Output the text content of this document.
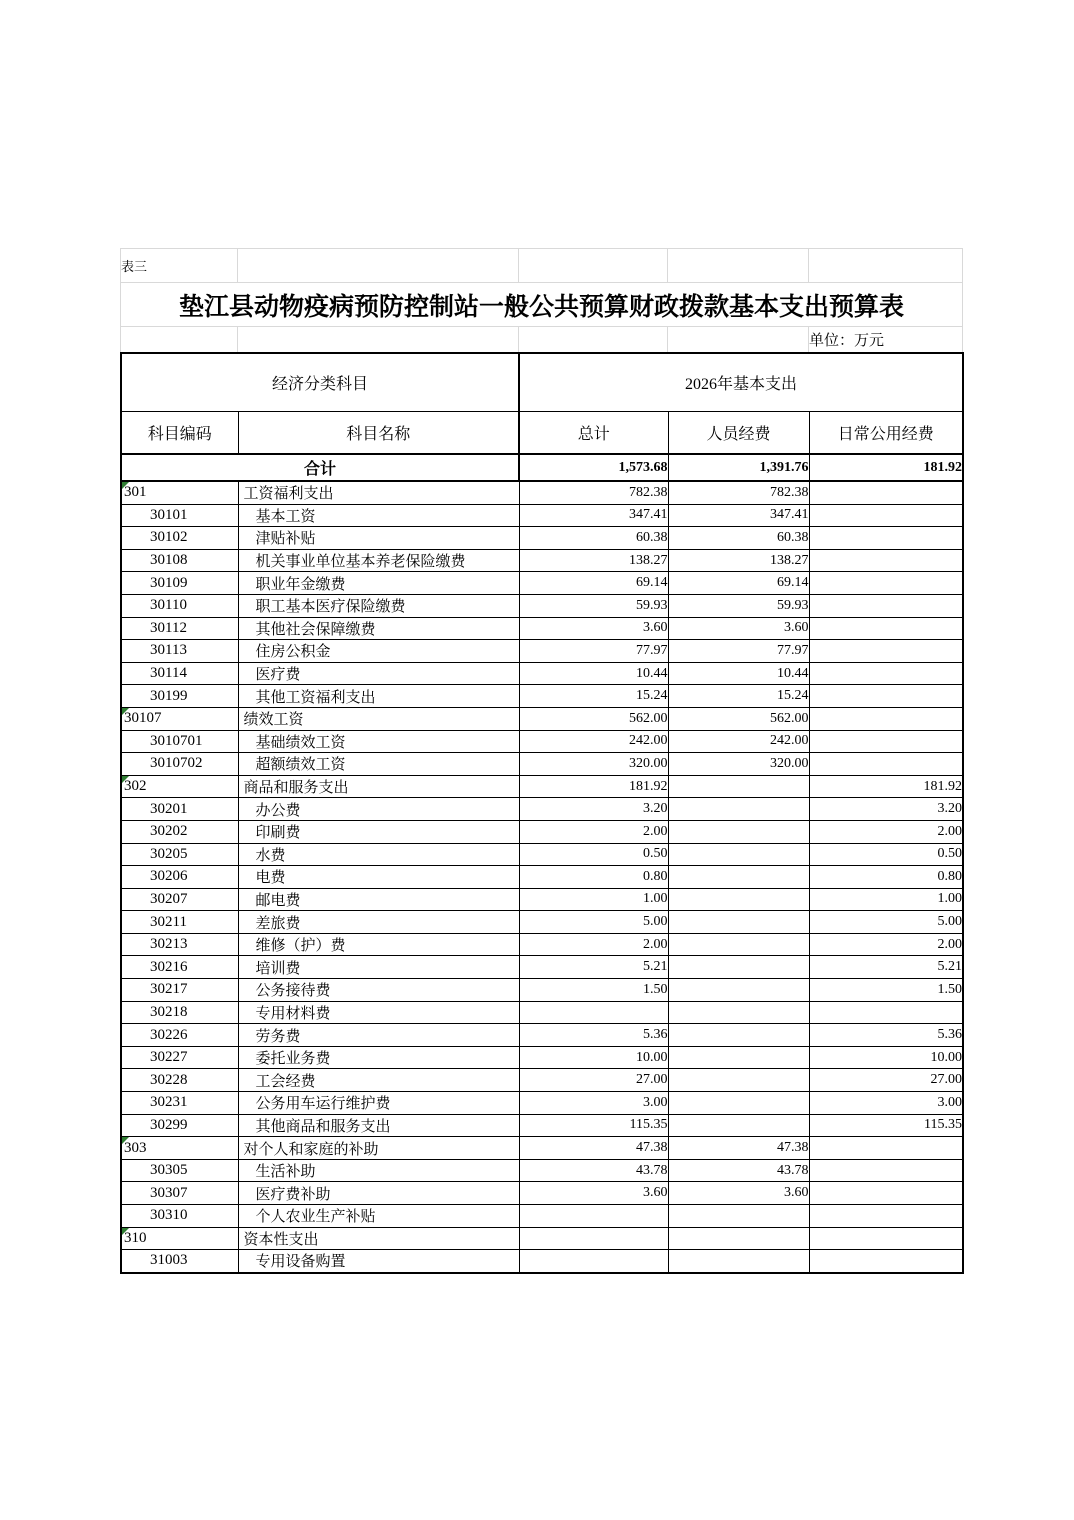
表三				
垫江县动物疫病预防控制站一般公共预算财政拨款基本支出预算表				
				单位：万元
经济分类科目		2026年基本支出		
科目编码	科目名称	总计	人员经费	日常公用经费
合计		1,573.68	1,391.76	181.92

301	工资福利支出	782.38	782.38	
30101	基本工资	347.41	347.41	
30102	津贴补贴	60.38	60.38	
30108	机关事业单位基本养老保险缴费	138.27	138.27	
30109	职业年金缴费	69.14	69.14	
30110	职工基本医疗保险缴费	59.93	59.93	
30112	其他社会保障缴费	3.60	3.60	
30113	住房公积金	77.97	77.97	
30114	医疗费	10.44	10.44	
30199	其他工资福利支出	15.24	15.24	

30107	绩效工资	562.00	562.00	
3010701	基础绩效工资	242.00	242.00	
3010702	超额绩效工资	320.00	320.00	

302	商品和服务支出	181.92		181.92
30201	办公费	3.20		3.20
30202	印刷费	2.00		2.00
30205	水费	0.50		0.50
30206	电费	0.80		0.80
30207	邮电费	1.00		1.00
30211	差旅费	5.00		5.00
30213	维修（护）费	2.00		2.00
30216	培训费	5.21		5.21
30217	公务接待费	1.50		1.50
30218	专用材料费			
30226	劳务费	5.36		5.36
30227	委托业务费	10.00		10.00
30228	工会经费	27.00		27.00
30231	公务用车运行维护费	3.00		3.00
30299	其他商品和服务支出	115.35		115.35

303	对个人和家庭的补助	47.38	47.38	
30305	生活补助	43.78	43.78	
30307	医疗费补助	3.60	3.60	
30310	个人农业生产补贴			

310	资本性支出			
31003	专用设备购置			
